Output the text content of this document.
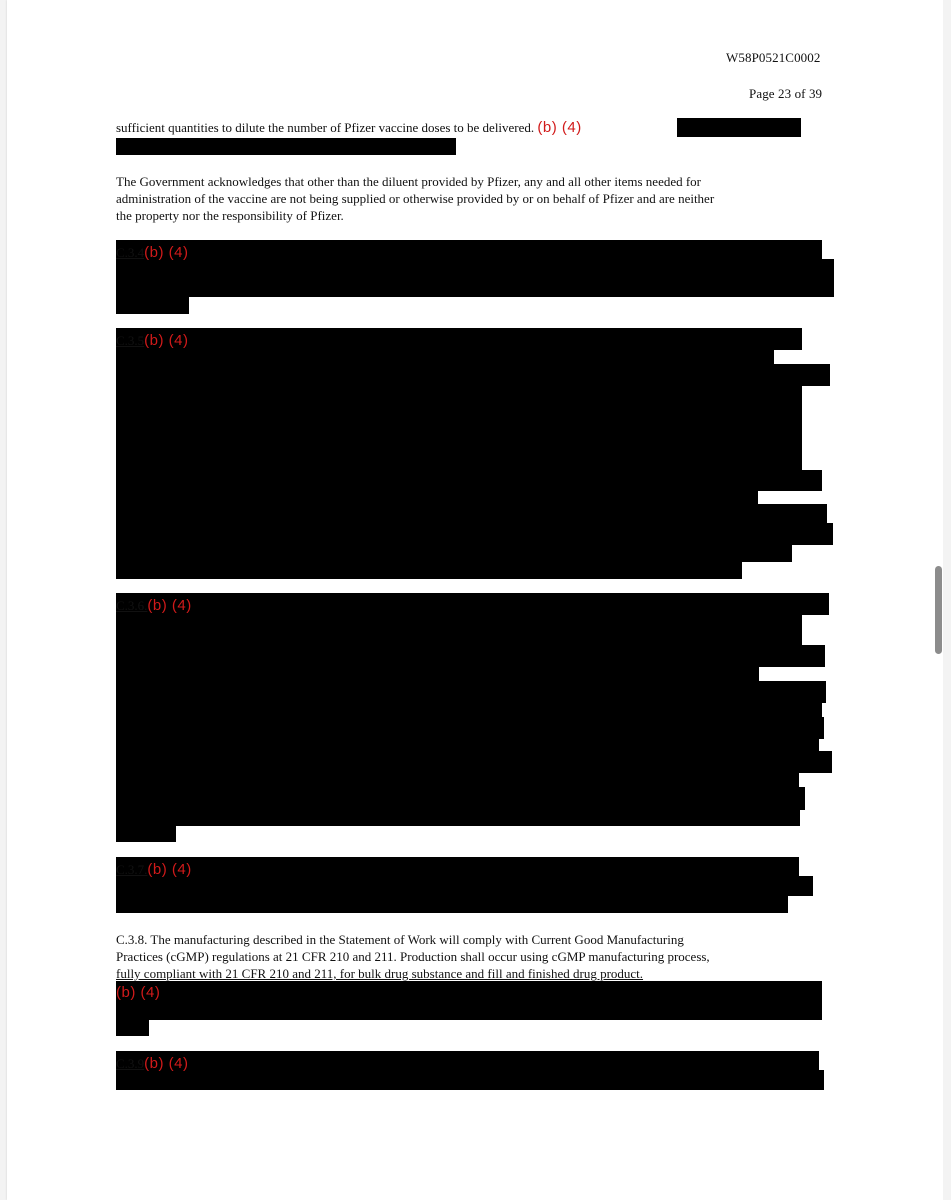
W58P0521C0002
Page 23 of 39
sufficient quantities to dilute the number of Pfizer vaccine doses to be delivered. (b) (4)
The Government acknowledges that other than the diluent provided by Pfizer, any and all other items needed for
administration of the vaccine are not being supplied or otherwise provided by or on behalf of Pfizer and are neither
the property nor the responsibility of Pfizer.
C.3.4 (b) (4)
C.3.5 (b) (4)
C.3.6. (b) (4)
C.3.7. (b) (4)
C.3.8. The manufacturing described in the Statement of Work will comply with Current Good Manufacturing
Practices (cGMP) regulations at 21 CFR 210 and 211. Production shall occur using cGMP manufacturing process,
fully compliant with 21 CFR 210 and 211, for bulk drug substance and fill and finished drug product.
(b) (4)
C.3.9 (b) (4)
